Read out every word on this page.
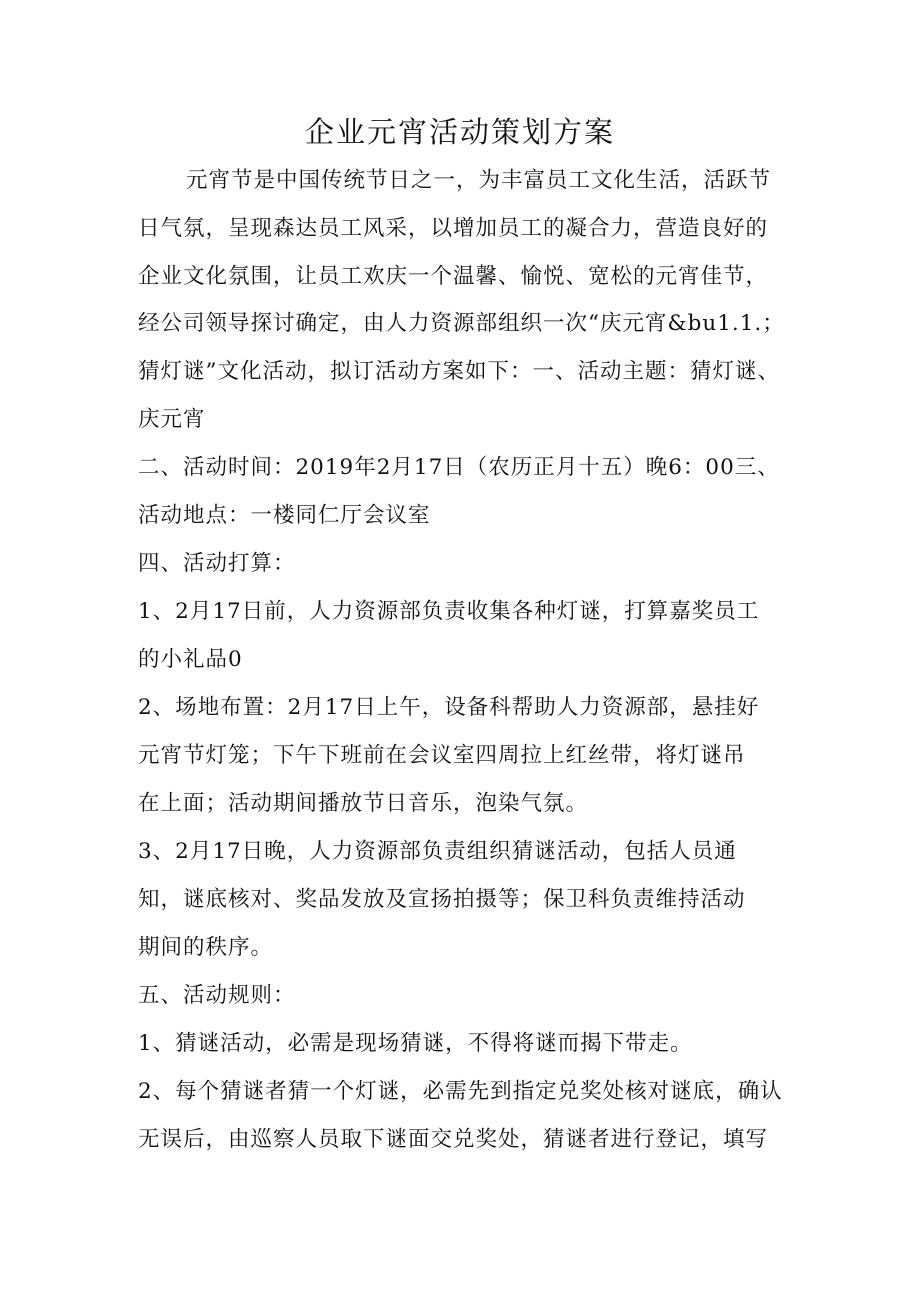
企业元宵活动策划方案
元宵节是中国传统节日之一，为丰富员工文化生活，活跃节
日气氛，呈现森达员工风采，以增加员工的凝合力，营造良好的
企业文化氛围，让员工欢庆一个温馨、愉悦、宽松的元宵佳节，
经公司领导探讨确定，由人力资源部组织一次“庆元宵&bu1.1.；
猜灯谜”文化活动，拟订活动方案如下：一、活动主题：猜灯谜、
庆元宵
二、活动时间：2019年2月17日（农历正月十五）晚6：00三、
活动地点：一楼同仁厅会议室
四、活动打算：
1、2月17日前，人力资源部负责收集各种灯谜，打算嘉奖员工
的小礼品0
2、场地布置：2月17日上午，设备科帮助人力资源部，悬挂好
元宵节灯笼；下午下班前在会议室四周拉上红丝带，将灯谜吊
在上面；活动期间播放节日音乐，泡染气氛。
3、2月17日晚，人力资源部负责组织猜谜活动，包括人员通
知，谜底核对、奖品发放及宣扬拍摄等；保卫科负责维持活动
期间的秩序。
五、活动规则：
1、猜谜活动，必需是现场猜谜，不得将谜而揭下带走。
2、每个猜谜者猜一个灯谜，必需先到指定兑奖处核对谜底，确认
无误后，由巡察人员取下谜面交兑奖处，猜谜者进行登记，填写
